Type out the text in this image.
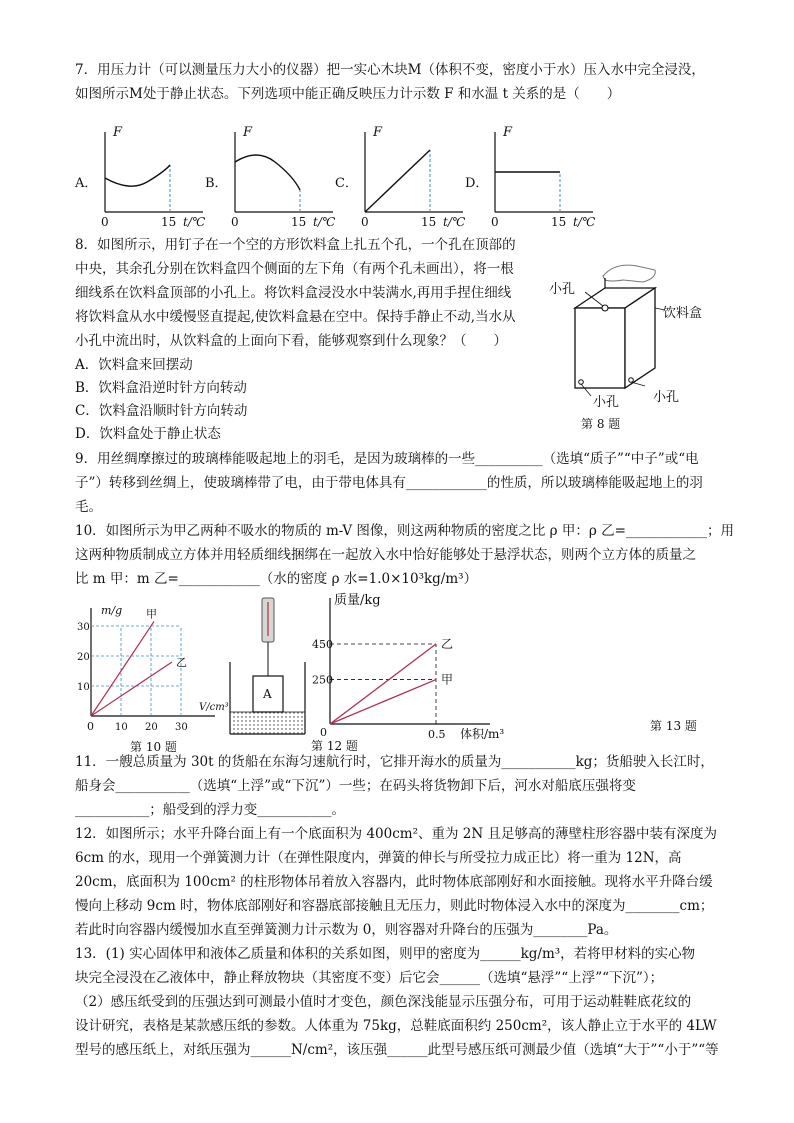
7．用压力计（可以测量压力大小的仪器）把一实心木块M（体积不变，密度小于水）压入水中完全浸没，
如图所示M处于静止状态。下列选项中能正确反映压力计示数 F 和水温 t 关系的是（　　）
A．
F
0	15 t/℃
B．
F
0	15 t/℃
C．
F
0	15 t/℃
D．
F
0	15 t/℃
8．如图所示，用钉子在一个空的方形饮料盒上扎五个孔，一个孔在顶部的
中央，其余孔分别在饮料盒四个侧面的左下角（有两个孔未画出），将一根
细线系在饮料盒顶部的小孔上。将饮料盒浸没水中装满水,再用手捏住细线
将饮料盒从水中缓慢竖直提起,使饮料盒悬在空中。保持手静止不动,当水从
小孔中流出时，从饮料盒的上面向下看，能够观察到什么现象？（　　）
A．饮料盒来回摆动
B．饮料盒沿逆时针方向转动
C．饮料盒沿顺时针方向转动
D．饮料盒处于静止状态
小孔
饮料盒
小孔	小孔
第 8 题
9．用丝绸摩擦过的玻璃棒能吸起地上的羽毛，是因为玻璃棒的一些__________（选填“质子”“中子”或“电
子”）转移到丝绸上，使玻璃棒带了电，由于带电体具有____________的性质，所以玻璃棒能吸起地上的羽
毛。
10．如图所示为甲乙两种不吸水的物质的 m-V 图像，则这两种物质的密度之比 ρ 甲：ρ 乙=____________；用
这两种物质制成立方体并用轻质细线捆绑在一起放入水中恰好能够处于悬浮状态，则两个立方体的质量之
比 m 甲：m 乙=____________（水的密度 ρ 水=1.0×10³kg/m³）
m/g
V/cm³
0
10
10
20
20
30
30
甲
乙
第 10 题
A
第 12 题
质量/kg
体积/m³
0
250
450
0.5
乙
甲
第 13 题
11．一艘总质量为 30t 的货船在东海匀速航行时，它排开海水的质量为___________kg；货船驶入长江时，
船身会___________（选填“上浮”或“下沉”）一些；在码头将货物卸下后，河水对船底压强将变
___________；船受到的浮力变___________。
12．如图所示；水平升降台面上有一个底面积为 400cm²、重为 2N 且足够高的薄壁柱形容器中装有深度为
6cm 的水，现用一个弹簧测力计（在弹性限度内，弹簧的伸长与所受拉力成正比）将一重为 12N，高
20cm，底面积为 100cm² 的柱形物体吊着放入容器内，此时物体底部刚好和水面接触。现将水平升降台缓
慢向上移动 9cm 时，物体底部刚好和容器底部接触且无压力，则此时物体浸入水中的深度为________cm；
若此时向容器内缓慢加水直至弹簧测力计示数为 0，则容器对升降台的压强为________Pa。
13．(1) 实心固体甲和液体乙质量和体积的关系如图，则甲的密度为______kg/m³，若将甲材料的实心物
块完全浸没在乙液体中，静止释放物块（其密度不变）后它会______（选填“悬浮”“上浮”“下沉”）；
（2）感压纸受到的压强达到可测最小值时才变色，颜色深浅能显示压强分布，可用于运动鞋鞋底花纹的
设计研究，表格是某款感压纸的参数。人体重为 75kg，总鞋底面积约 250cm²，该人静止立于水平的 4LW
型号的感压纸上，对纸压强为______N/cm²，该压强______此型号感压纸可测最少值（选填“大于”“小于”“等
